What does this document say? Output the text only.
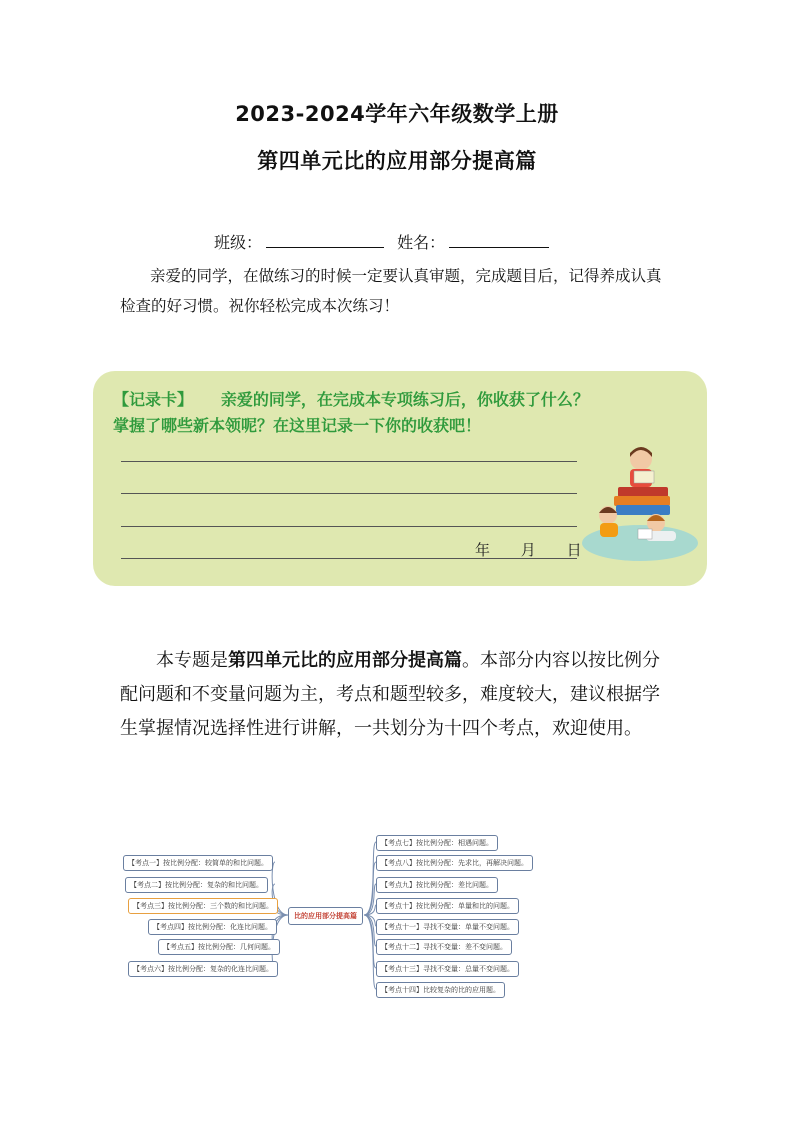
2023-2024学年六年级数学上册
第四单元比的应用部分提高篇
班级：	姓名：
亲爱的同学，在做练习的时候一定要认真审题，完成题目后，记得养成认真
检查的好习惯。祝你轻松完成本次练习！
【记录卡】     亲爱的同学，在完成本专项练习后，你收获了什么？
掌握了哪些新本领呢？在这里记录一下你的收获吧！
年 月 日
本专题是第四单元比的应用部分提高篇。本部分内容以按比例分
配问题和不变量问题为主，考点和题型较多，难度较大，建议根据学
生掌握情况选择性进行讲解，一共划分为十四个考点，欢迎使用。
比的应用部分提高篇
【考点一】按比例分配：较简单的和比问题。
【考点二】按比例分配：复杂的和比问题。
【考点三】按比例分配：三个数的和比问题。
【考点四】按比例分配：化连比问题。
【考点五】按比例分配：几何问题。
【考点六】按比例分配：复杂的化连比问题。
【考点七】按比例分配：相遇问题。
【考点八】按比例分配：先求比，再解决问题。
【考点九】按比例分配：差比问题。
【考点十】按比例分配：单量和比的问题。
【考点十一】寻找不变量：单量不变问题。
【考点十二】寻找不变量：差不变问题。
【考点十三】寻找不变量：总量不变问题。
【考点十四】比较复杂的比的应用题。
